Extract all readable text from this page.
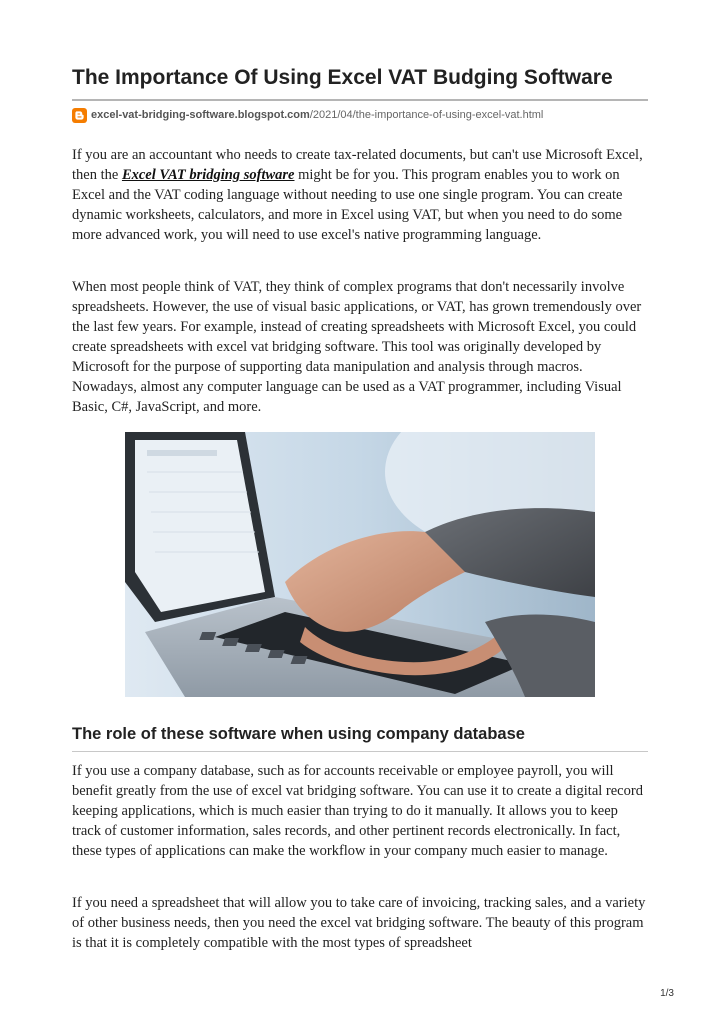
The Importance Of Using Excel VAT Budging Software
excel-vat-bridging-software.blogspot.com /2021/04/the-importance-of-using-excel-vat.html

If you are an accountant who needs to create tax-related documents, but can't use Microsoft Excel, then the Excel VAT bridging software might be for you. This program enables you to work on Excel and the VAT coding language without needing to use one single program. You can create dynamic worksheets, calculators, and more in Excel using VAT, but when you need to do some more advanced work, you will need to use excel's native programming language.

When most people think of VAT, they think of complex programs that don't necessarily involve spreadsheets. However, the use of visual basic applications, or VAT, has grown tremendously over the last few years. For example, instead of creating spreadsheets with Microsoft Excel, you could create spreadsheets with excel vat bridging software. This tool was originally developed by Microsoft for the purpose of supporting data manipulation and analysis through macros. Nowadays, almost any computer language can be used as a VAT programmer, including Visual Basic, C#, JavaScript, and more.

The role of these software when using company database

If you use a company database, such as for accounts receivable or employee payroll, you will benefit greatly from the use of excel vat bridging software. You can use it to create a digital record keeping applications, which is much easier than trying to do it manually. It allows you to keep track of customer information, sales records, and other pertinent records electronically. In fact, these types of applications can make the workflow in your company much easier to manage.

If you need a spreadsheet that will allow you to take care of invoicing, tracking sales, and a variety of other business needs, then you need the excel vat bridging software. The beauty of this program is that it is completely compatible with the most types of spreadsheet

1/3
